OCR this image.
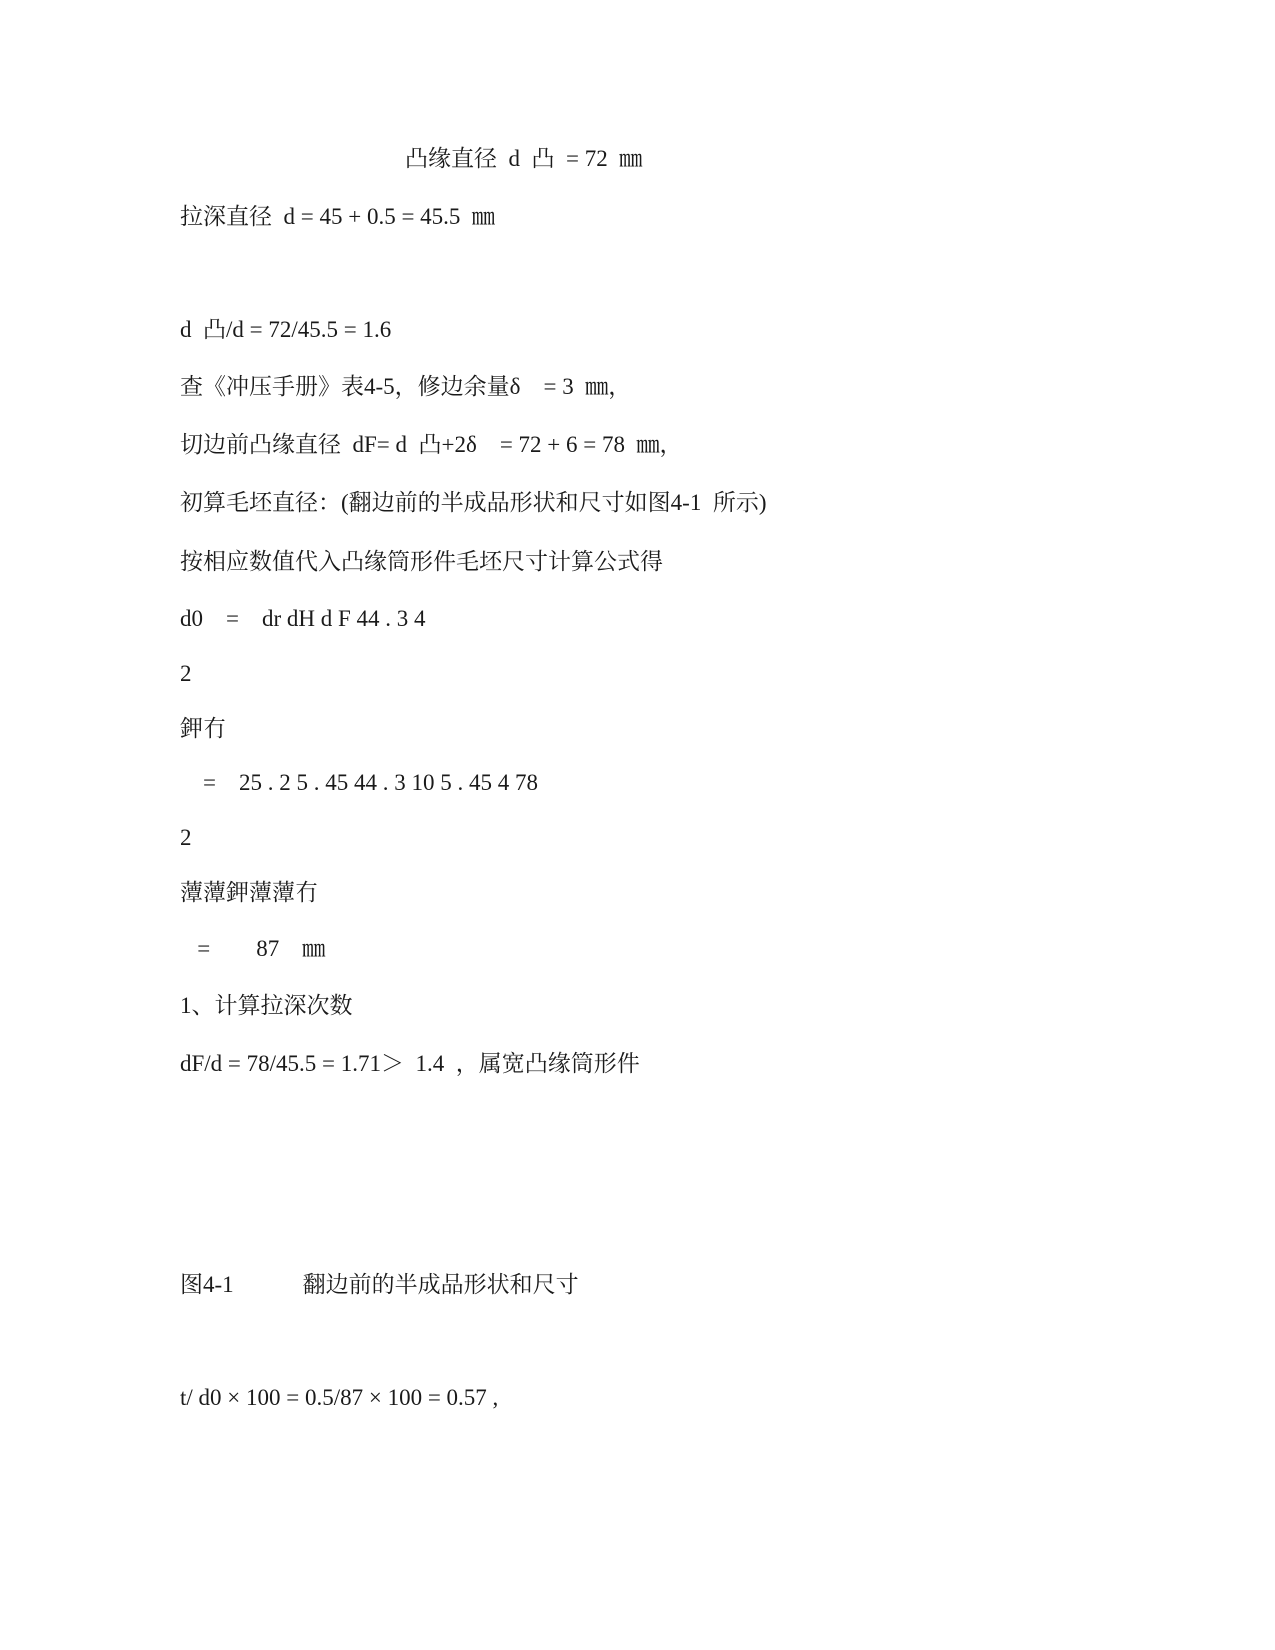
凸缘直径  d  凸  = 72  ㎜
拉深直径  d = 45 + 0.5 = 45.5  ㎜
d  凸/d = 72/45.5 = 1.6
查《冲压手册》表4-5，修边余量δ    = 3  ㎜，
切边前凸缘直径  dF= d  凸+2δ    = 72 + 6 = 78  ㎜，
初算毛坯直径：(翻边前的半成品形状和尺寸如图4-1  所示)
按相应数值代入凸缘筒形件毛坯尺寸计算公式得
d0    =    dr dH d F 44 . 3 4
2
鉀冇
=    25 . 2 5 . 45 44 . 3 10 5 . 45 4 78
2
藫藫鉀藫藫冇
=        87    ㎜
1、计算拉深次数
dF/d = 78/45.5 = 1.71＞  1.4  ，属宽凸缘筒形件
图4-1            翻边前的半成品形状和尺寸
t/ d0 × 100 = 0.5/87 × 100 = 0.57 ,
